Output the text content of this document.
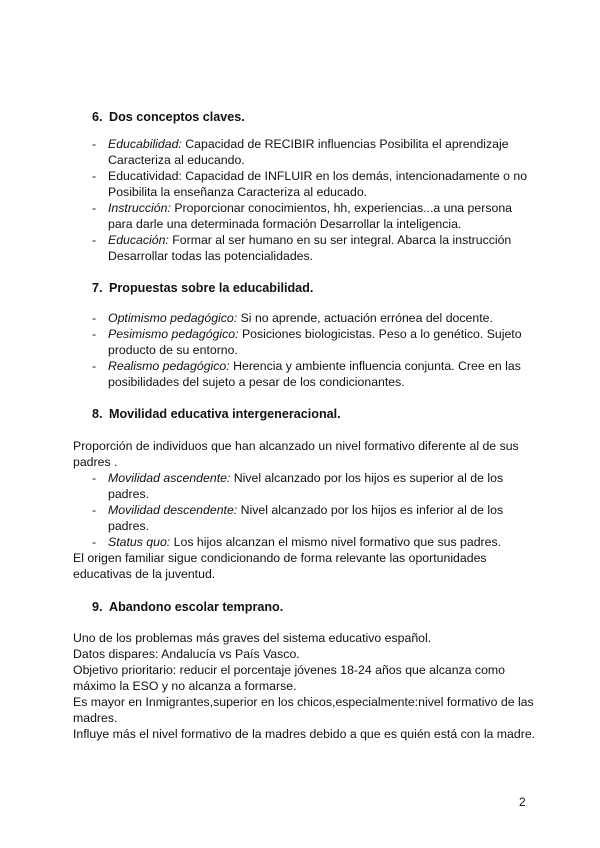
6. Dos conceptos claves.
- Educabilidad: Capacidad de RECIBIR influencias Posibilita el aprendizaje
Caracteriza al educando.
- Educatividad: Capacidad de INFLUIR en los demás, intencionadamente o no
Posibilita la enseñanza Caracteriza al educado.
- Instrucción: Proporcionar conocimientos, hh, experiencias...a una persona
para darle una determinada formación Desarrollar la inteligencia.
- Educación: Formar al ser humano en su ser integral. Abarca la instrucción
Desarrollar todas las potencialidades.
7. Propuestas sobre la educabilidad.
- Optimismo pedagógico: Si no aprende, actuación errónea del docente.
- Pesimismo pedagógico: Posiciones biologicistas. Peso a lo genético. Sujeto
producto de su entorno.
- Realismo pedagógico: Herencia y ambiente influencia conjunta. Cree en las
posibilidades del sujeto a pesar de los condicionantes.
8. Movilidad educativa intergeneracional.
Proporción de individuos que han alcanzado un nivel formativo diferente al de sus
padres .
- Movilidad ascendente: Nivel alcanzado por los hijos es superior al de los
padres.
- Movilidad descendente: Nivel alcanzado por los hijos es inferior al de los
padres.
- Status quo: Los hijos alcanzan el mismo nivel formativo que sus padres.
El origen familiar sigue condicionando de forma relevante las oportunidades
educativas de la juventud.
9. Abandono escolar temprano.
Uno de los problemas más graves del sistema educativo español.
Datos dispares: Andalucía vs País Vasco.
Objetivo prioritario: reducir el porcentaje jóvenes 18-24 años que alcanza como
máximo la ESO y no alcanza a formarse.
Es mayor en Inmigrantes,superior en los chicos,especialmente:nivel formativo de las
madres.
Influye más el nivel formativo de la madres debido a que es quién está con la madre.
2
